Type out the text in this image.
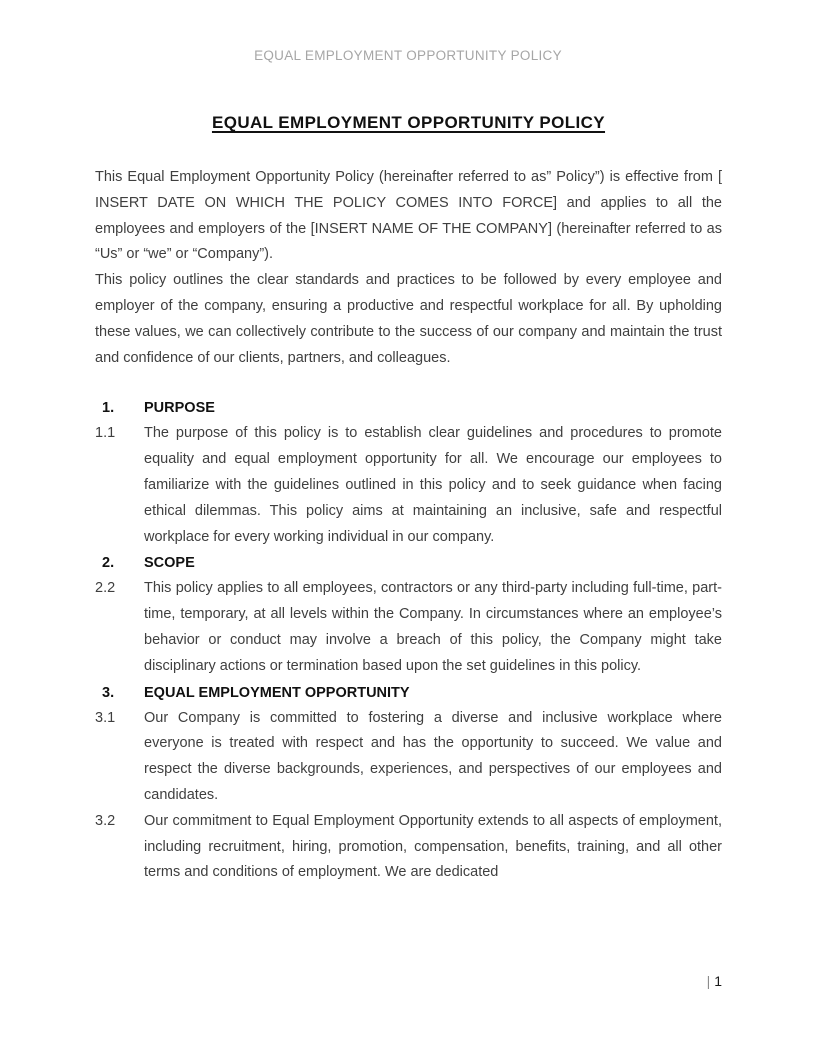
EQUAL EMPLOYMENT OPPORTUNITY POLICY
EQUAL EMPLOYMENT OPPORTUNITY POLICY

This Equal Employment Opportunity Policy (hereinafter referred to as” Policy”) is effective from [ INSERT DATE ON WHICH THE POLICY COMES INTO FORCE] and applies to all the employees and employers of the [INSERT NAME OF THE COMPANY] (hereinafter referred to as “Us” or “we” or “Company”).

This policy outlines the clear standards and practices to be followed by every employee and employer of the company, ensuring a productive and respectful workplace for all. By upholding these values, we can collectively contribute to the success of our company and maintain the trust and confidence of our clients, partners, and colleagues.

1.	PURPOSE
1.1	The purpose of this policy is to establish clear guidelines and procedures to promote equality and equal employment opportunity for all. We encourage our employees to familiarize with the guidelines outlined in this policy and to seek guidance when facing ethical dilemmas. This policy aims at maintaining an inclusive, safe and respectful workplace for every working individual in our company.
2.	SCOPE
2.2	This policy applies to all employees, contractors or any third-party including full-time, part-time, temporary, at all levels within the Company. In circumstances where an employee’s behavior or conduct may involve a breach of this policy, the Company might take disciplinary actions or termination based upon the set guidelines in this policy.
3.	EQUAL EMPLOYMENT OPPORTUNITY
3.1	Our Company is committed to fostering a diverse and inclusive workplace where everyone is treated with respect and has the opportunity to succeed. We value and respect the diverse backgrounds, experiences, and perspectives of our employees and candidates.
3.2	Our commitment to Equal Employment Opportunity extends to all aspects of employment, including recruitment, hiring, promotion, compensation, benefits, training, and all other terms and conditions of employment. We are dedicated
| 1
